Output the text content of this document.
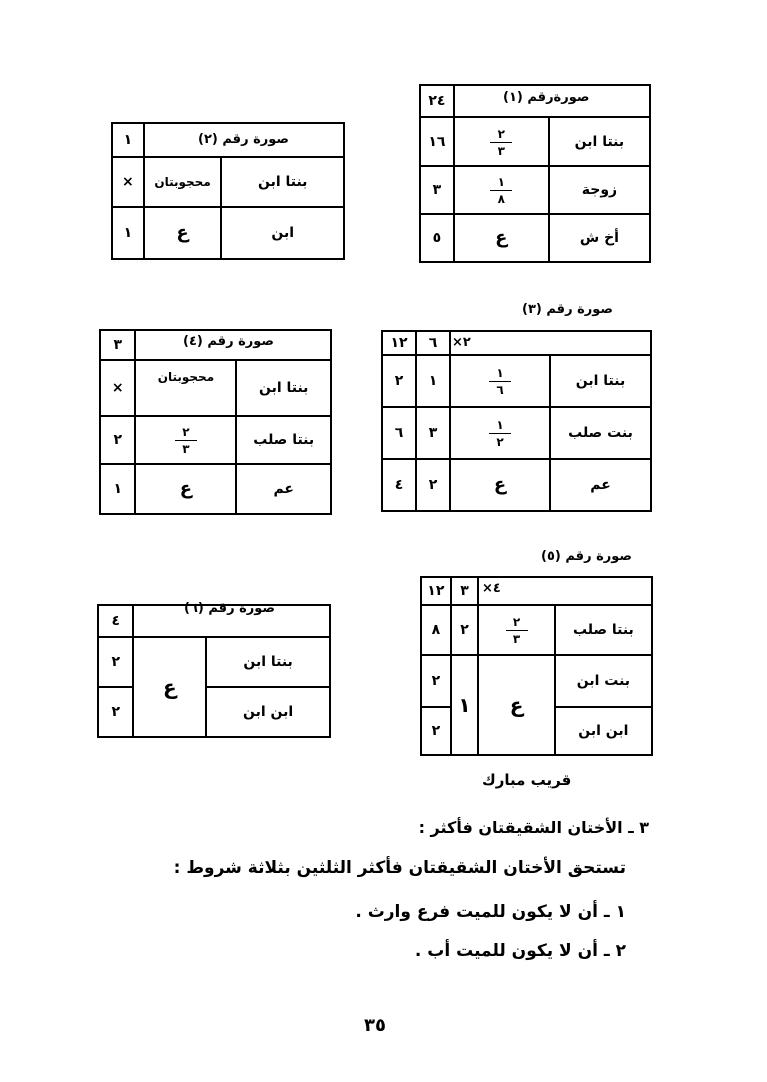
صورةرقم (١)
٢٤		
١٦	$\frac{٢}{٣}$	بنتا ابن
٣	$\frac{١}{٨}$	زوجة
٥	ع	أخ ش
صورة رقم (٢)
١		
×	محجوبتان	بنتا ابن
١	ع	ابن
صورة رقم (٣)
×٢
١٢	٦		
٢	١	$\frac{١}{٦}$	بنتا ابن
٦	٣	$\frac{١}{٢}$	بنت صلب
٤	٢	ع	عم
صورة رقم (٤)
٣		
×	محجوبتان	بنتا ابن
٢	$\frac{٢}{٣}$	بنتا صلب
١	ع	عم
صورة رقم (٥)
×٤
١٢	٣		
٨	٢	$\frac{٢}{٣}$	بنتا صلب
٢	١	ع	بنت ابن
٢			ابن ابن
قريب مبارك
صورة رقم (٦)
٤		
٢	ع	بنتا ابن
٢		ابن ابن
٣ ـ الأختان الشقيقتان فأكثر :
تستحق الأختان الشقيقتان فأكثر الثلثين بثلاثة شروط :
١ ـ أن لا يكون للميت فرع وارث .
٢ ـ أن لا يكون للميت أب .
٣٥
